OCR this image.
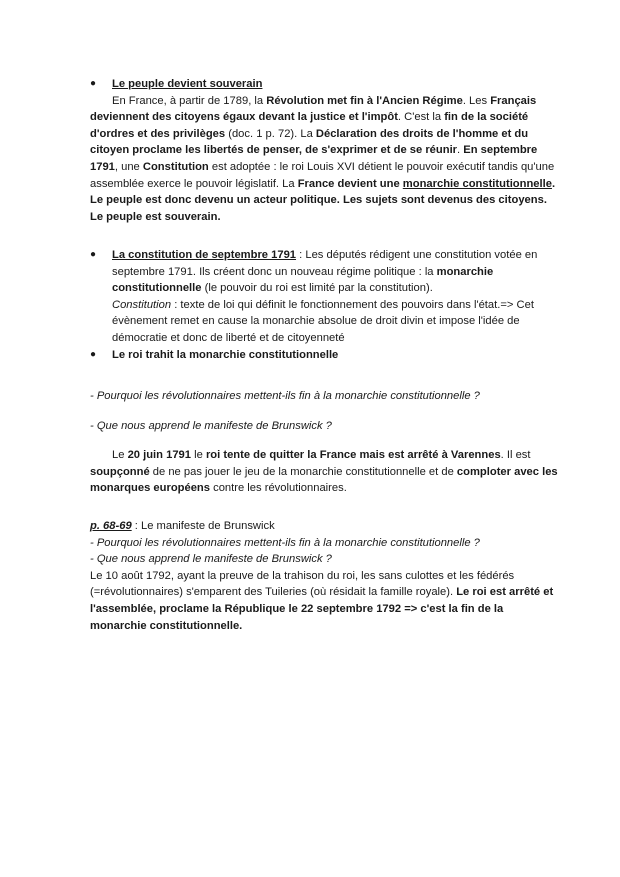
● Le peuple devient souverain

En France, à partir de 1789, la Révolution met fin à l'Ancien Régime. Les Français deviennent des citoyens égaux devant la justice et l'impôt. C'est la fin de la société d'ordres et des privilèges (doc. 1 p. 72). La Déclaration des droits de l'homme et du citoyen proclame les libertés de penser, de s'exprimer et de se réunir. En septembre 1791, une Constitution est adoptée : le roi Louis XVI détient le pouvoir exécutif tandis qu'une assemblée exerce le pouvoir législatif. La France devient une monarchie constitutionnelle. Le peuple est donc devenu un acteur politique. Les sujets sont devenus des citoyens. Le peuple est souverain.

● La constitution de septembre 1791 : Les députés rédigent une constitution votée en septembre 1791. Ils créent donc un nouveau régime politique : la monarchie constitutionnelle (le pouvoir du roi est limité par la constitution).

Constitution : texte de loi qui définit le fonctionnement des pouvoirs dans l'état.=> Cet évènement remet en cause la monarchie absolue de droit divin et impose l'idée de démocratie et donc de liberté et de citoyenneté

● Le roi trahit la monarchie constitutionnelle

- Pourquoi les révolutionnaires mettent-ils fin à la monarchie constitutionnelle ?

- Que nous apprend le manifeste de Brunswick ?

Le 20 juin 1791 le roi tente de quitter la France mais est arrêté à Varennes. Il est soupçonné de ne pas jouer le jeu de la monarchie constitutionnelle et de comploter avec les monarques européens contre les révolutionnaires.

p. 68-69 : Le manifeste de Brunswick

- Pourquoi les révolutionnaires mettent-ils fin à la monarchie constitutionnelle ?

- Que nous apprend le manifeste de Brunswick ?

Le 10 août 1792, ayant la preuve de la trahison du roi, les sans culottes et les fédérés (=révolutionnaires) s'emparent des Tuileries (où résidait la famille royale). Le roi est arrêté et l'assemblée, proclame la République le 22 septembre 1792 => c'est la fin de la monarchie constitutionnelle.
